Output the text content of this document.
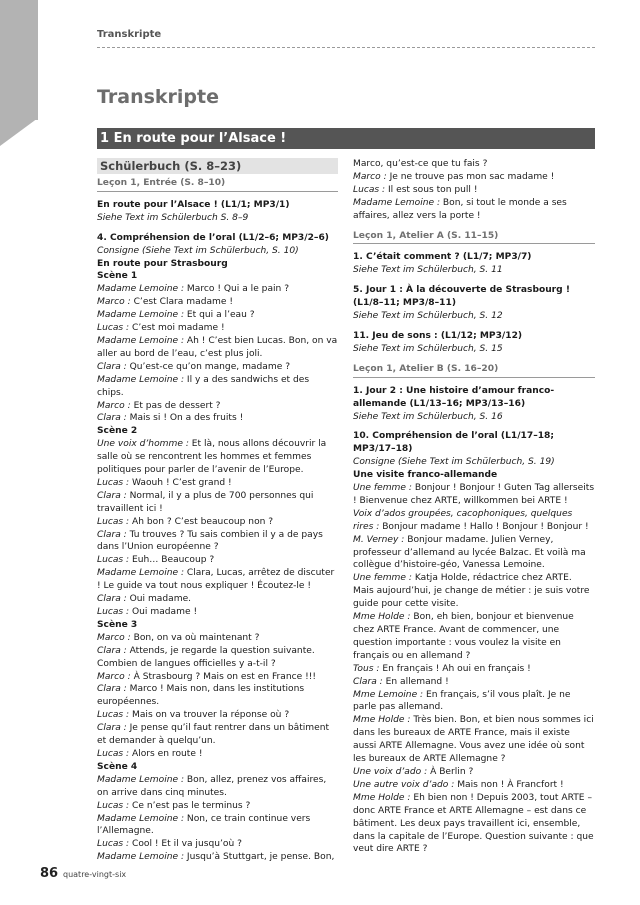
Transkripte
Transkripte
1 En route pour l’Alsace !
Schülerbuch (S. 8–23)
Leçon 1, Entrée (S. 8–10)
En route pour l’Alsace ! (L1/1; MP3/1)
Siehe Text im Schülerbuch S. 8–9
4. Compréhension de l’oral (L1/2–6; MP3/2–6)
Consigne (Siehe Text im Schülerbuch, S. 10)
En route pour Strasbourg
Scène 1
Madame Lemoine : Marco ! Qui a le pain ?
Marco : C’est Clara madame !
Madame Lemoine : Et qui a l’eau ?
Lucas : C’est moi madame !
Madame Lemoine : Ah ! C’est bien Lucas. Bon, on va aller au bord de l’eau, c’est plus joli.
Clara : Qu’est-ce qu’on mange, madame ?
Madame Lemoine : Il y a des sandwichs et des chips.
Marco : Et pas de dessert ?
Clara : Mais si ! On a des fruits !
Scène 2
Une voix d’homme : Et là, nous allons découvrir la salle où se rencontrent les hommes et femmes politiques pour parler de l’avenir de l’Europe.
Lucas : Waouh ! C’est grand !
Clara : Normal, il y a plus de 700 personnes qui travaillent ici !
Lucas : Ah bon ? C’est beaucoup non ?
Clara : Tu trouves ? Tu sais combien il y a de pays dans l’Union européenne ?
Lucas : Euh… Beaucoup ?
Madame Lemoine : Clara, Lucas, arrêtez de discuter ! Le guide va tout nous expliquer ! Écoutez-le !
Clara : Oui madame.
Lucas : Oui madame !
Scène 3
Marco : Bon, on va où maintenant ?
Clara : Attends, je regarde la question suivante. Combien de langues officielles y a-t-il ?
Marco : À Strasbourg ? Mais on est en France !!!
Clara : Marco ! Mais non, dans les institutions européennes.
Lucas : Mais on va trouver la réponse où ?
Clara : Je pense qu’il faut rentrer dans un bâtiment et demander à quelqu’un.
Lucas : Alors en route !
Scène 4
Madame Lemoine : Bon, allez, prenez vos affaires, on arrive dans cinq minutes.
Lucas : Ce n’est pas le terminus ?
Madame Lemoine : Non, ce train continue vers l’Allemagne.
Lucas : Cool ! Et il va jusqu’où ?
Madame Lemoine : Jusqu’à Stuttgart, je pense. Bon,
Marco, qu’est-ce que tu fais ?
Marco : Je ne trouve pas mon sac madame !
Lucas : Il est sous ton pull !
Madame Lemoine : Bon, si tout le monde a ses affaires, allez vers la porte !
Leçon 1, Atelier A (S. 11–15)
1. C’était comment ? (L1/7; MP3/7)
Siehe Text im Schülerbuch, S. 11
5. Jour 1 : À la découverte de Strasbourg ! (L1/8–11; MP3/8–11)
Siehe Text im Schülerbuch, S. 12
11. Jeu de sons : (L1/12; MP3/12)
Siehe Text im Schülerbuch, S. 15
Leçon 1, Atelier B (S. 16–20)
1. Jour 2 : Une histoire d’amour franco-allemande (L1/13–16; MP3/13–16)
Siehe Text im Schülerbuch, S. 16
10. Compréhension de l’oral (L1/17–18; MP3/17–18)
Consigne (Siehe Text im Schülerbuch, S. 19)
Une visite franco-allemande
Une femme : Bonjour ! Bonjour ! Guten Tag allerseits ! Bienvenue chez ARTE, willkommen bei ARTE !
Voix d’ados groupées, cacophoniques, quelques rires : Bonjour madame ! Hallo ! Bonjour ! Bonjour !
M. Verney : Bonjour madame. Julien Verney, professeur d’allemand au lycée Balzac. Et voilà ma collègue d’histoire-géo, Vanessa Lemoine.
Une femme : Katja Holde, rédactrice chez ARTE. Mais aujourd’hui, je change de métier : je suis votre guide pour cette visite.
Mme Holde : Bon, eh bien, bonjour et bienvenue chez ARTE France. Avant de commencer, une question importante : vous voulez la visite en français ou en allemand ?
Tous : En français ! Ah oui en français !
Clara : En allemand !
Mme Lemoine : En français, s’il vous plaît. Je ne parle pas allemand.
Mme Holde : Très bien. Bon, et bien nous sommes ici dans les bureaux de ARTE France, mais il existe aussi ARTE Allemagne. Vous avez une idée où sont les bureaux de ARTE Allemagne ?
Une voix d’ado : À Berlin ?
Une autre voix d’ado : Mais non ! À Francfort !
Mme Holde : Eh bien non ! Depuis 2003, tout ARTE – donc ARTE France et ARTE Allemagne – est dans ce bâtiment. Les deux pays travaillent ici, ensemble, dans la capitale de l’Europe. Question suivante : que veut dire ARTE ?
86 quatre-vingt-six
